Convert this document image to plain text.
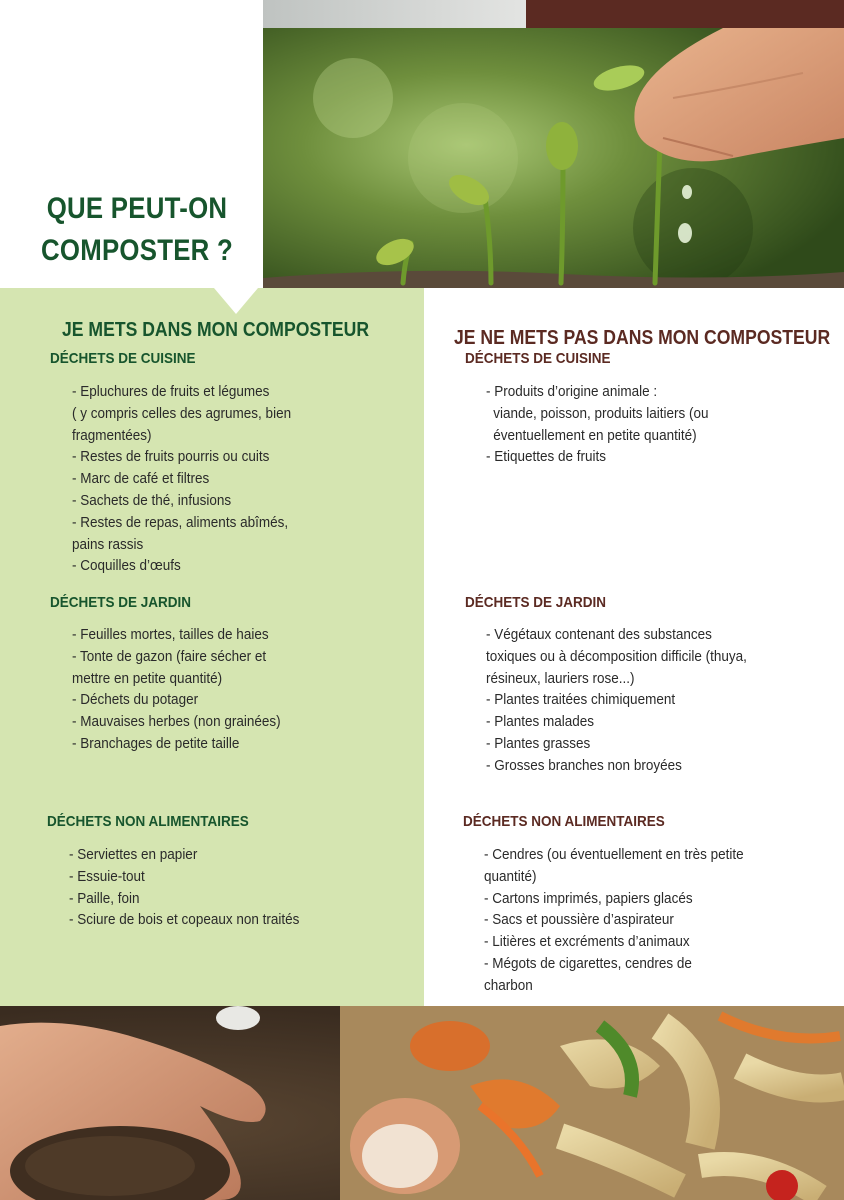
QUE PEUT-ON
COMPOSTER ?
JE METS DANS MON COMPOSTEUR
DÉCHETS DE CUISINE
- Epluchures de fruits et légumes
( y compris celles des agrumes, bien
fragmentées)
- Restes de fruits pourris ou cuits
- Marc de café et filtres
- Sachets de thé, infusions
- Restes de repas, aliments abîmés,
pains rassis
- Coquilles d’œufs
DÉCHETS DE JARDIN
- Feuilles mortes, tailles de haies
- Tonte de gazon (faire sécher et
mettre en petite quantité)
- Déchets du potager
- Mauvaises herbes (non grainées)
- Branchages de petite taille
DÉCHETS NON ALIMENTAIRES
- Serviettes en papier
- Essuie-tout
- Paille, foin
- Sciure de bois et copeaux non traités
JE NE METS PAS DANS MON COMPOSTEUR
DÉCHETS DE CUISINE
- Produits d’origine animale :
viande, poisson, produits laitiers (ou
éventuellement en petite quantité)
- Etiquettes de fruits
DÉCHETS DE JARDIN
- Végétaux contenant des substances
toxiques ou à décomposition difficile (thuya,
résineux, lauriers rose...)
- Plantes traitées chimiquement
- Plantes malades
- Plantes grasses
- Grosses branches non broyées
DÉCHETS NON ALIMENTAIRES
- Cendres (ou éventuellement en très petite
quantité)
- Cartons imprimés, papiers glacés
- Sacs et poussière d’aspirateur
- Litières et excréments d’animaux
- Mégots de cigarettes, cendres de
charbon
